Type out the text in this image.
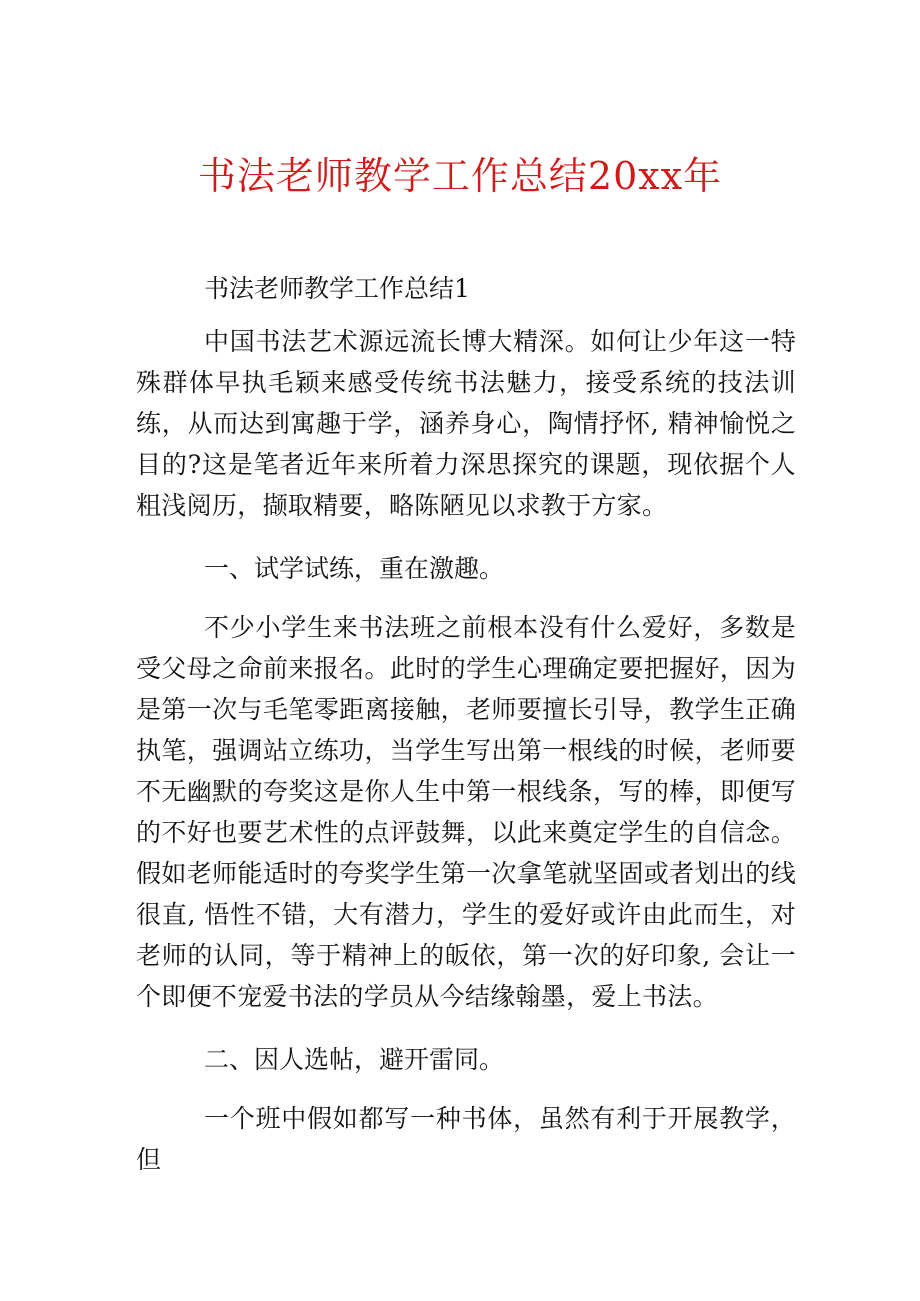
书法老师教学工作总结20xx年

书法老师教学工作总结1

中国书法艺术源远流长博大精深。如何让少年这一特殊群体早执毛颖来感受传统书法魅力，接受系统的技法训练，从而达到寓趣于学，涵养身心，陶情抒怀, 精神愉悦之目的?这是笔者近年来所着力深思探究的课题，现依据个人粗浅阅历，撷取精要，略陈陋见以求教于方家。

一、试学试练，重在激趣。

不少小学生来书法班之前根本没有什么爱好，多数是受父母之命前来报名。此时的学生心理确定要把握好，因为是第一次与毛笔零距离接触，老师要擅长引导，教学生正确执笔，强调站立练功，当学生写出第一根线的时候，老师要不无幽默的夸奖这是你人生中第一根线条，写的棒，即便写的不好也要艺术性的点评鼓舞，以此来奠定学生的自信念。假如老师能适时的夸奖学生第一次拿笔就坚固或者划出的线很直, 悟性不错，大有潜力，学生的爱好或许由此而生，对老师的认同，等于精神上的皈依，第一次的好印象, 会让一个即便不宠爱书法的学员从今结缘翰墨，爱上书法。

二、因人选帖，避开雷同。

一个班中假如都写一种书体，虽然有利于开展教学，但
